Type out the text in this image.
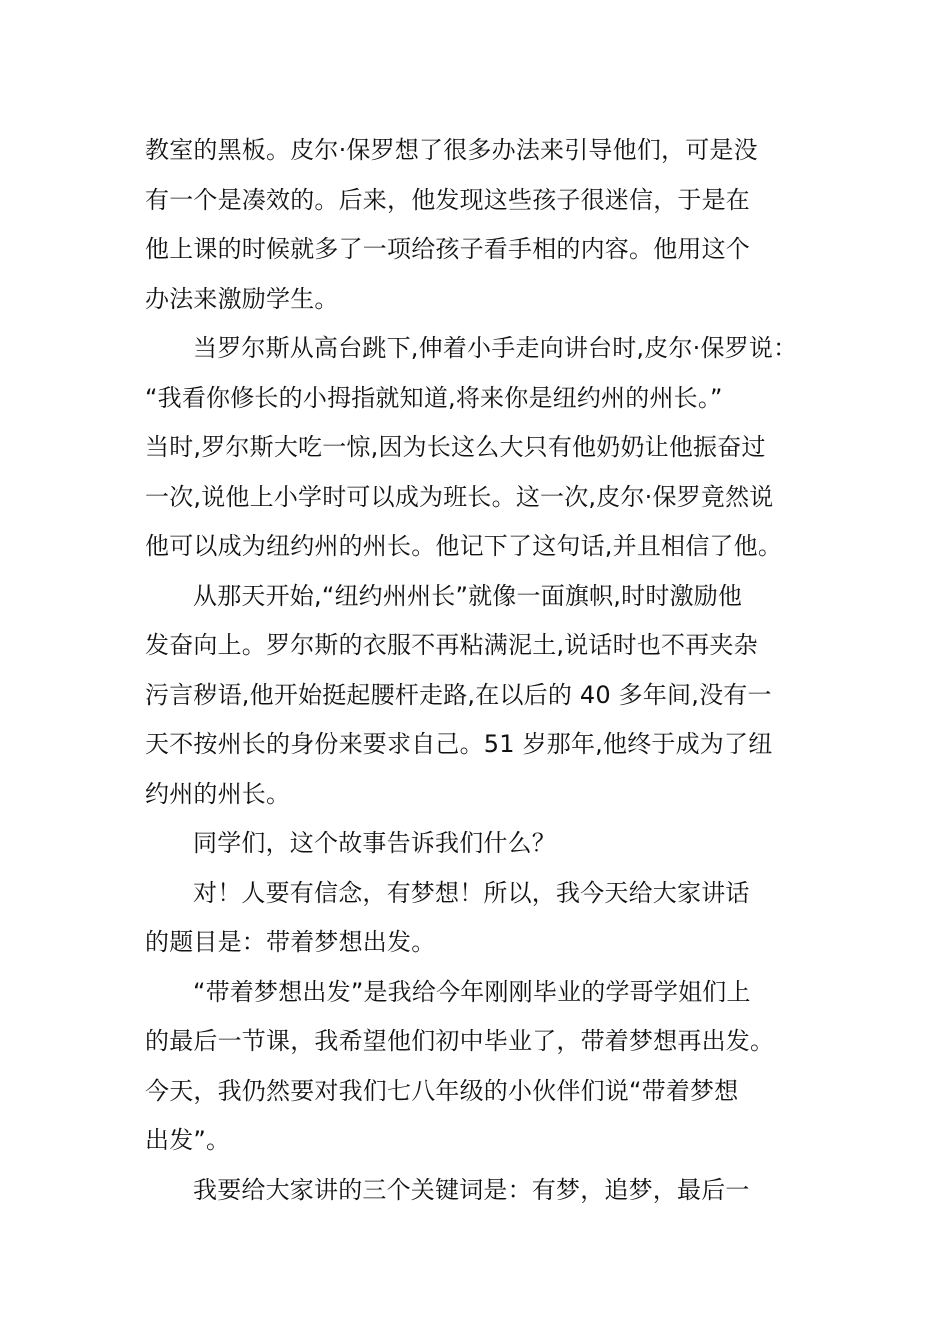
教室的黑板。皮尔·保罗想了很多办法来引导他们，可是没
有一个是凑效的。后来，他发现这些孩子很迷信，于是在
他上课的时候就多了一项给孩子看手相的内容。他用这个
办法来激励学生。
当罗尔斯从高台跳下,伸着小手走向讲台时,皮尔·保罗说：
“我看你修长的小拇指就知道,将来你是纽约州的州长。”
当时,罗尔斯大吃一惊,因为长这么大只有他奶奶让他振奋过
一次,说他上小学时可以成为班长。这一次,皮尔·保罗竟然说
他可以成为纽约州的州长。他记下了这句话,并且相信了他。
从那天开始,“纽约州州长”就像一面旗帜,时时激励他
发奋向上。罗尔斯的衣服不再粘满泥土,说话时也不再夹杂
污言秽语,他开始挺起腰杆走路,在以后的 40 多年间,没有一
天不按州长的身份来要求自己。51 岁那年,他终于成为了纽
约州的州长。
同学们，这个故事告诉我们什么？
对！人要有信念，有梦想！所以，我今天给大家讲话
的题目是：带着梦想出发。
“带着梦想出发”是我给今年刚刚毕业的学哥学姐们上
的最后一节课，我希望他们初中毕业了，带着梦想再出发。
今天，我仍然要对我们七八年级的小伙伴们说“带着梦想
出发”。
我要给大家讲的三个关键词是：有梦，追梦，最后一
